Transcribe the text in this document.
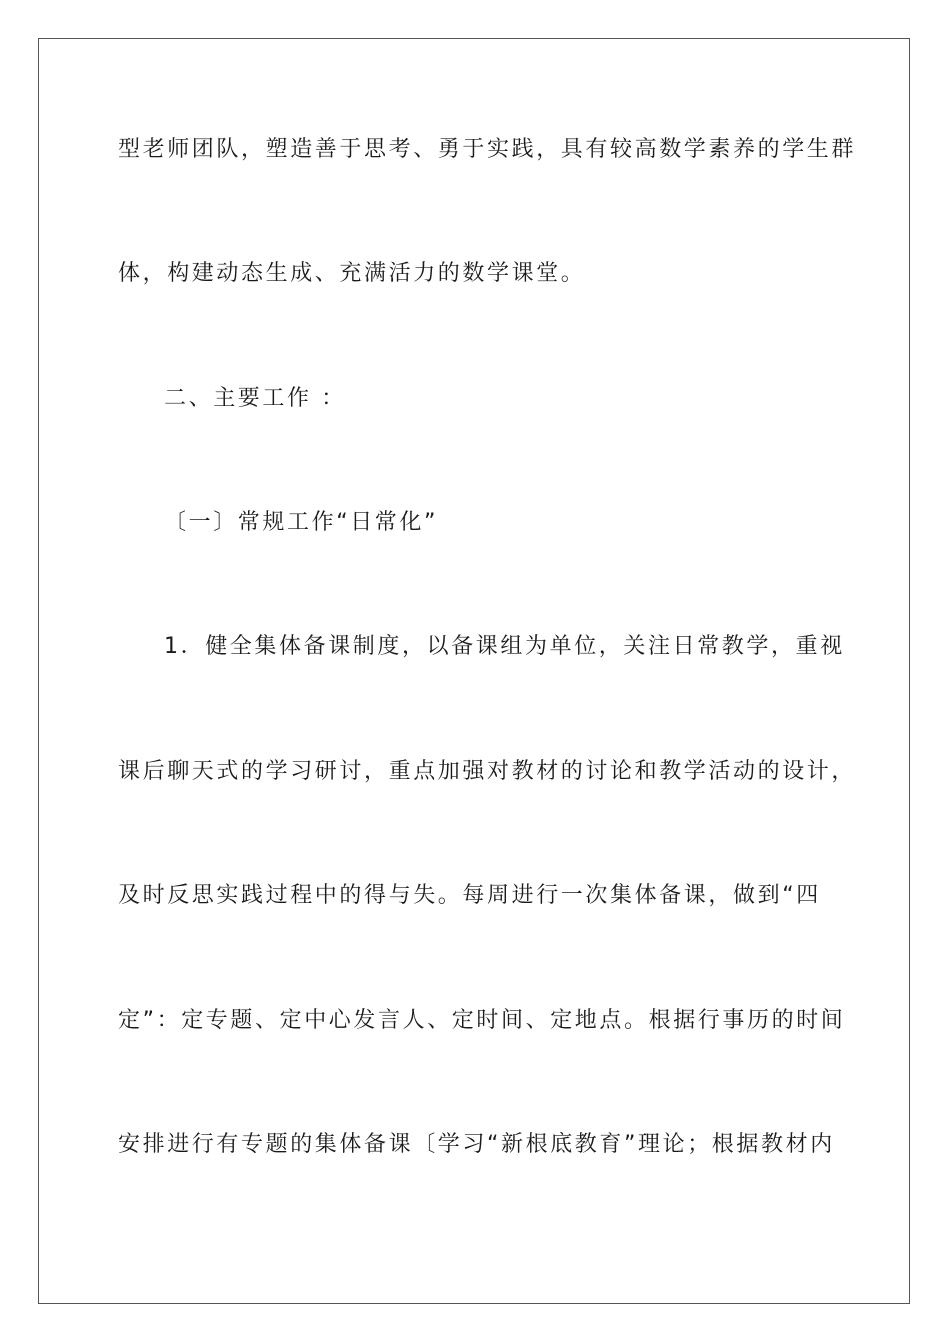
型老师团队，塑造善于思考、勇于实践，具有较高数学素养的学生群
体，构建动态生成、充满活力的数学课堂。
二、主要工作 ：
〔一〕常规工作“日常化”
1．健全集体备课制度，以备课组为单位，关注日常教学，重视
课后聊天式的学习研讨，重点加强对教材的讨论和教学活动的设计，
及时反思实践过程中的得与失。每周进行一次集体备课，做到“四
定”：定专题、定中心发言人、定时间、定地点。根据行事历的时间
安排进行有专题的集体备课〔学习“新根底教育”理论；根据教材内
